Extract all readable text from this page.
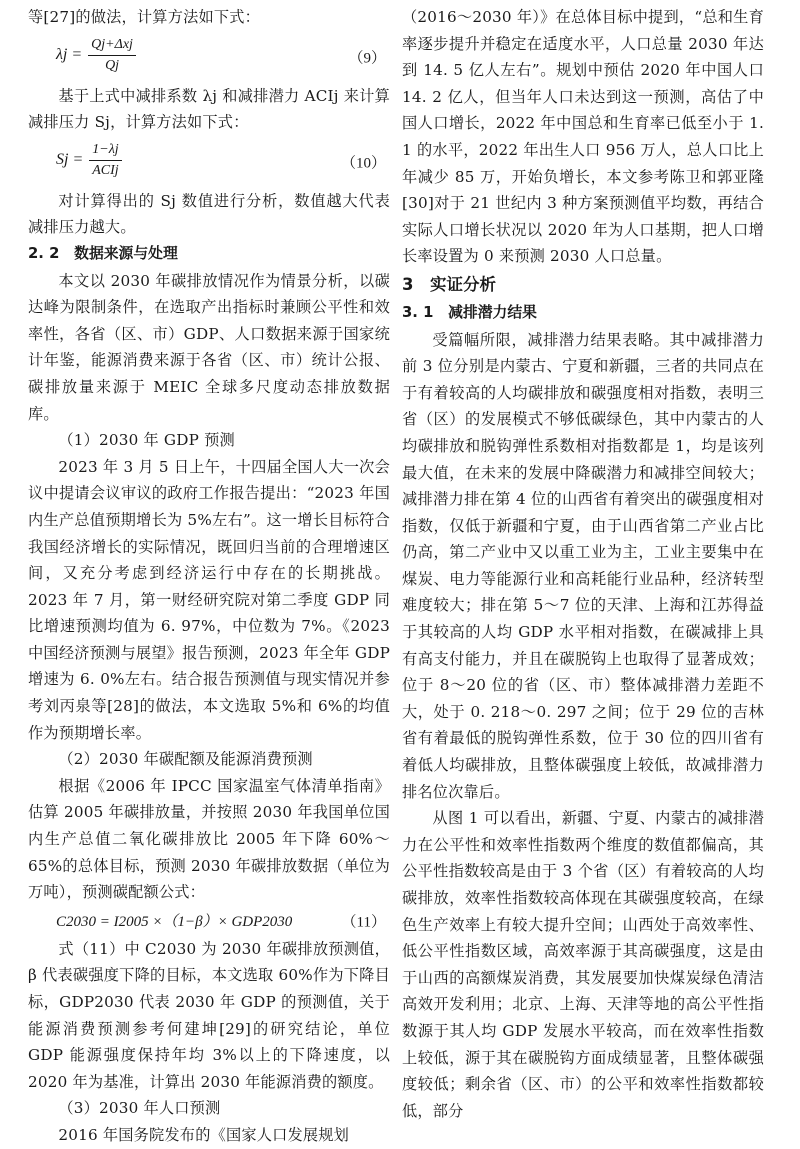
等[27]的做法，计算方法如下式：

λj =
Qj+Δxj
Qj	（9）

基于上式中减排系数 λj 和减排潜力 ACIj 来计算减排压力 Sj，计算方法如下式：

Sj =
1−λj
ACIj	（10）

对计算得出的 Sj 数值进行分析，数值越大代表减排压力越大。

2. 2　数据来源与处理

本文以 2030 年碳排放情况作为情景分析，以碳达峰为限制条件，在选取产出指标时兼顾公平性和效率性，各省（区、市）GDP、人口数据来源于国家统计年鉴，能源消费来源于各省（区、市）统计公报、碳排放量来源于 MEIC 全球多尺度动态排放数据库。

（1）2030 年 GDP 预测

2023 年 3 月 5 日上午，十四届全国人大一次会议中提请会议审议的政府工作报告提出：“2023 年国内生产总值预期增长为 5%左右”。这一增长目标符合我国经济增长的实际情况，既回归当前的合理增速区间，又充分考虑到经济运行中存在的长期挑战。2023 年 7 月，第一财经研究院对第二季度 GDP 同比增速预测均值为 6. 97%，中位数为 7%。《2023 中国经济预测与展望》报告预测，2023 年全年 GDP 增速为 6. 0%左右。结合报告预测值与现实情况并参考刘丙泉等[28]的做法，本文选取 5%和 6%的均值作为预期增长率。

（2）2030 年碳配额及能源消费预测

根据《2006 年 IPCC 国家温室气体清单指南》估算 2005 年碳排放量，并按照 2030 年我国单位国内生产总值二氧化碳排放比 2005 年下降 60%～65%的总体目标，预测 2030 年碳排放数据（单位为万吨），预测碳配额公式：

C2030 = I2005 ×（1−β）× GDP2030	（11）

式（11）中 C2030 为 2030 年碳排放预测值，β 代表碳强度下降的目标，本文选取 60%作为下降目标，GDP2030 代表 2030 年 GDP 的预测值，关于能源消费预测参考何建坤[29]的研究结论，单位 GDP 能源强度保持年均 3%以上的下降速度，以 2020 年为基准，计算出 2030 年能源消费的额度。

（3）2030 年人口预测

2016 年国务院发布的《国家人口发展规划

（2016～2030 年）》在总体目标中提到，“总和生育率逐步提升并稳定在适度水平，人口总量 2030 年达到 14. 5 亿人左右”。规划中预估 2020 年中国人口 14. 2 亿人，但当年人口未达到这一预测，高估了中国人口增长，2022 年中国总和生育率已低至小于 1. 1 的水平，2022 年出生人口 956 万人，总人口比上年减少 85 万，开始负增长，本文参考陈卫和郭亚隆[30]对于 21 世纪内 3 种方案预测值平均数，再结合实际人口增长状况以 2020 年为人口基期，把人口增长率设置为 0 来预测 2030 人口总量。

3　实证分析

3. 1　减排潜力结果

受篇幅所限，减排潜力结果表略。其中减排潜力前 3 位分别是内蒙古、宁夏和新疆，三者的共同点在于有着较高的人均碳排放和碳强度相对指数，表明三省（区）的发展模式不够低碳绿色，其中内蒙古的人均碳排放和脱钩弹性系数相对指数都是 1，均是该列最大值，在未来的发展中降碳潜力和减排空间较大；减排潜力排在第 4 位的山西省有着突出的碳强度相对指数，仅低于新疆和宁夏，由于山西省第二产业占比仍高，第二产业中又以重工业为主，工业主要集中在煤炭、电力等能源行业和高耗能行业品种，经济转型难度较大；排在第 5～7 位的天津、上海和江苏得益于其较高的人均 GDP 水平相对指数，在碳减排上具有高支付能力，并且在碳脱钩上也取得了显著成效；位于 8～20 位的省（区、市）整体减排潜力差距不大，处于 0. 218～0. 297 之间；位于 29 位的吉林省有着最低的脱钩弹性系数，位于 30 位的四川省有着低人均碳排放，且整体碳强度上较低，故减排潜力排名位次靠后。

从图 1 可以看出，新疆、宁夏、内蒙古的减排潜力在公平性和效率性指数两个维度的数值都偏高，其公平性指数较高是由于 3 个省（区）有着较高的人均碳排放，效率性指数较高体现在其碳强度较高，在绿色生产效率上有较大提升空间；山西处于高效率性、低公平性指数区域，高效率源于其高碳强度，这是由于山西的高额煤炭消费，其发展要加快煤炭绿色清洁高效开发利用；北京、上海、天津等地的高公平性指数源于其人均 GDP 发展水平较高，而在效率性指数上较低，源于其在碳脱钩方面成绩显著，且整体碳强度较低；剩余省（区、市）的公平和效率性指数都较低，部分
